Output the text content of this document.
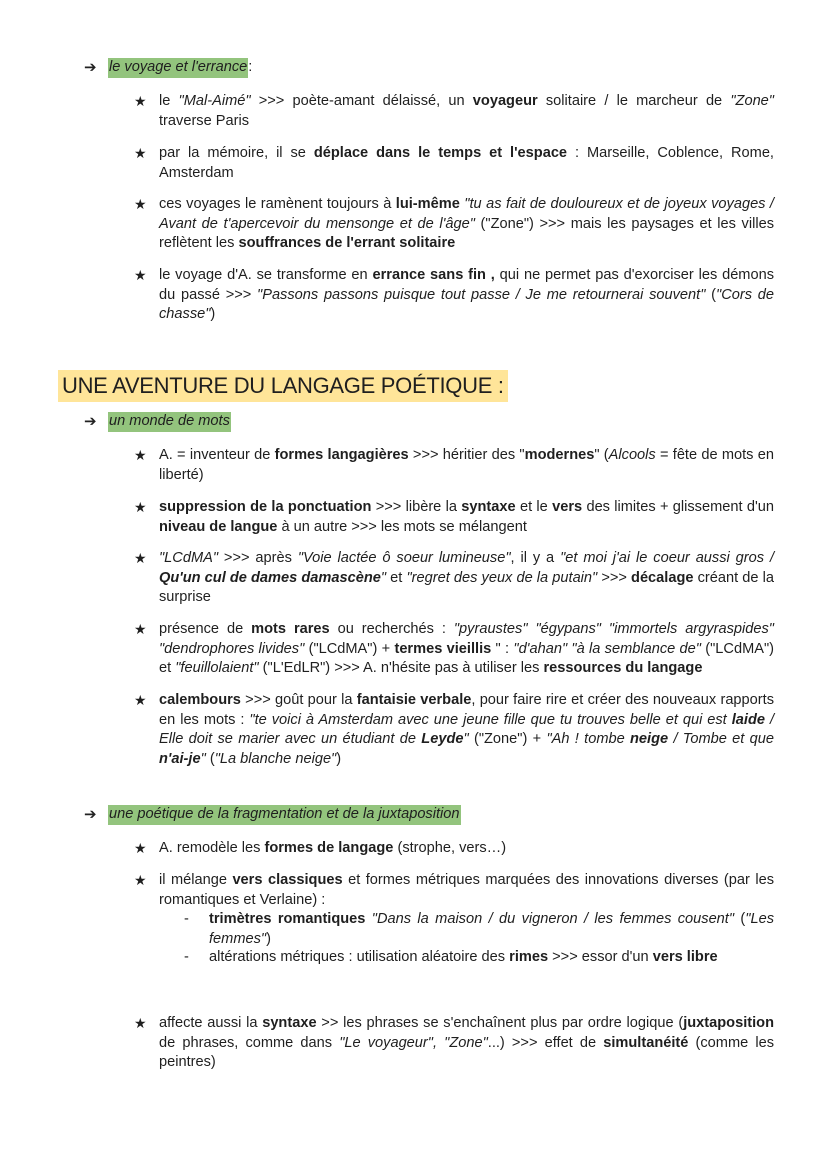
➔ le voyage et l'errance :
★ le "Mal-Aimé" >>> poète-amant délaissé, un voyageur solitaire / le marcheur de "Zone" traverse Paris
★ par la mémoire, il se déplace dans le temps et l'espace : Marseille, Coblence, Rome, Amsterdam
★ ces voyages le ramènent toujours à lui-même "tu as fait de douloureux et de joyeux voyages / Avant de t'apercevoir du mensonge et de l'âge" ("Zone") >>> mais les paysages et les villes reflètent les souffrances de l'errant solitaire
★ le voyage d'A. se transforme en errance sans fin , qui ne permet pas d'exorciser les démons du passé >>> "Passons passons puisque tout passe / Je me retournerai souvent" ("Cors de chasse")
UNE AVENTURE DU LANGAGE POÉTIQUE :
➔ un monde de mots
★ A. = inventeur de formes langagières >>> héritier des "modernes" (Alcools = fête de mots en liberté)
★ suppression de la ponctuation >>> libère la syntaxe et le vers des limites + glissement d'un niveau de langue à un autre >>> les mots se mélangent
★ "LCdMA" >>> après "Voie lactée ô soeur lumineuse", il y a "et moi j'ai le coeur aussi gros / Qu'un cul de dames damascène" et "regret des yeux de la putain" >>> décalage créant de la surprise
★ présence de mots rares ou recherchés : "pyraustes" "égypans" "immortels argyraspides" "dendrophores livides" ("LCdMA") + termes vieillis " : "d'ahan" "à la semblance de" ("LCdMA") et "feuillolaient" ("L'EdLR") >>> A. n'hésite pas à utiliser les ressources du langage
★ calembours >>> goût pour la fantaisie verbale, pour faire rire et créer des nouveaux rapports en les mots : "te voici à Amsterdam avec une jeune fille que tu trouves belle et qui est laide / Elle doit se marier avec un étudiant de Leyde" ("Zone") + "Ah ! tombe neige / Tombe et que n'ai-je" ("La blanche neige")
➔ une poétique de la fragmentation et de la juxtaposition
★ A. remodèle les formes de langage (strophe, vers…)
★ il mélange vers classiques et formes métriques marquées des innovations diverses (par les romantiques et Verlaine) :
-	trimètres romantiques "Dans la maison / du vigneron / les femmes cousent" ("Les femmes")
-	altérations métriques : utilisation aléatoire des rimes >>> essor d'un vers libre
★ affecte aussi la syntaxe >> les phrases se s'enchaînent plus par ordre logique (juxtaposition de phrases, comme dans "Le voyageur", "Zone"...) >>> effet de simultanéité (comme les peintres)
